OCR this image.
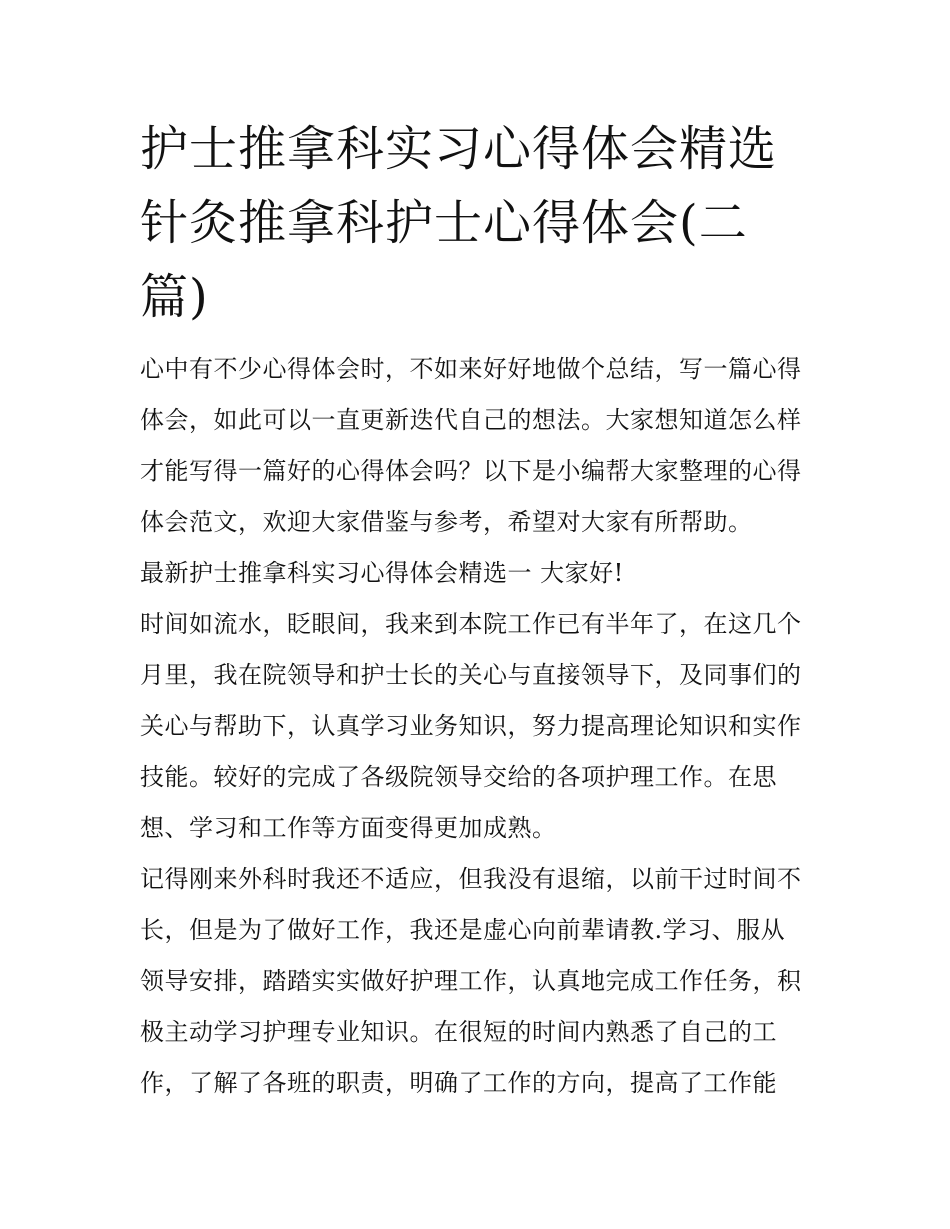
护士推拿科实习心得体会精选
针灸推拿科护士心得体会(二
篇)

心中有不少心得体会时，不如来好好地做个总结，写一篇心得
体会，如此可以一直更新迭代自己的想法。大家想知道怎么样
才能写得一篇好的心得体会吗？以下是小编帮大家整理的心得
体会范文，欢迎大家借鉴与参考，希望对大家有所帮助。

最新护士推拿科实习心得体会精选一 大家好!

时间如流水，眨眼间，我来到本院工作已有半年了，在这几个
月里，我在院领导和护士长的关心与直接领导下，及同事们的
关心与帮助下，认真学习业务知识，努力提高理论知识和实作
技能。较好的完成了各级院领导交给的各项护理工作。在思
想、学习和工作等方面变得更加成熟。

记得刚来外科时我还不适应，但我没有退缩，以前干过时间不
长，但是为了做好工作，我还是虚心向前辈请教.学习、服从
领导安排，踏踏实实做好护理工作，认真地完成工作任务，积
极主动学习护理专业知识。在很短的时间内熟悉了自己的工
作，了解了各班的职责，明确了工作的方向，提高了工作能
